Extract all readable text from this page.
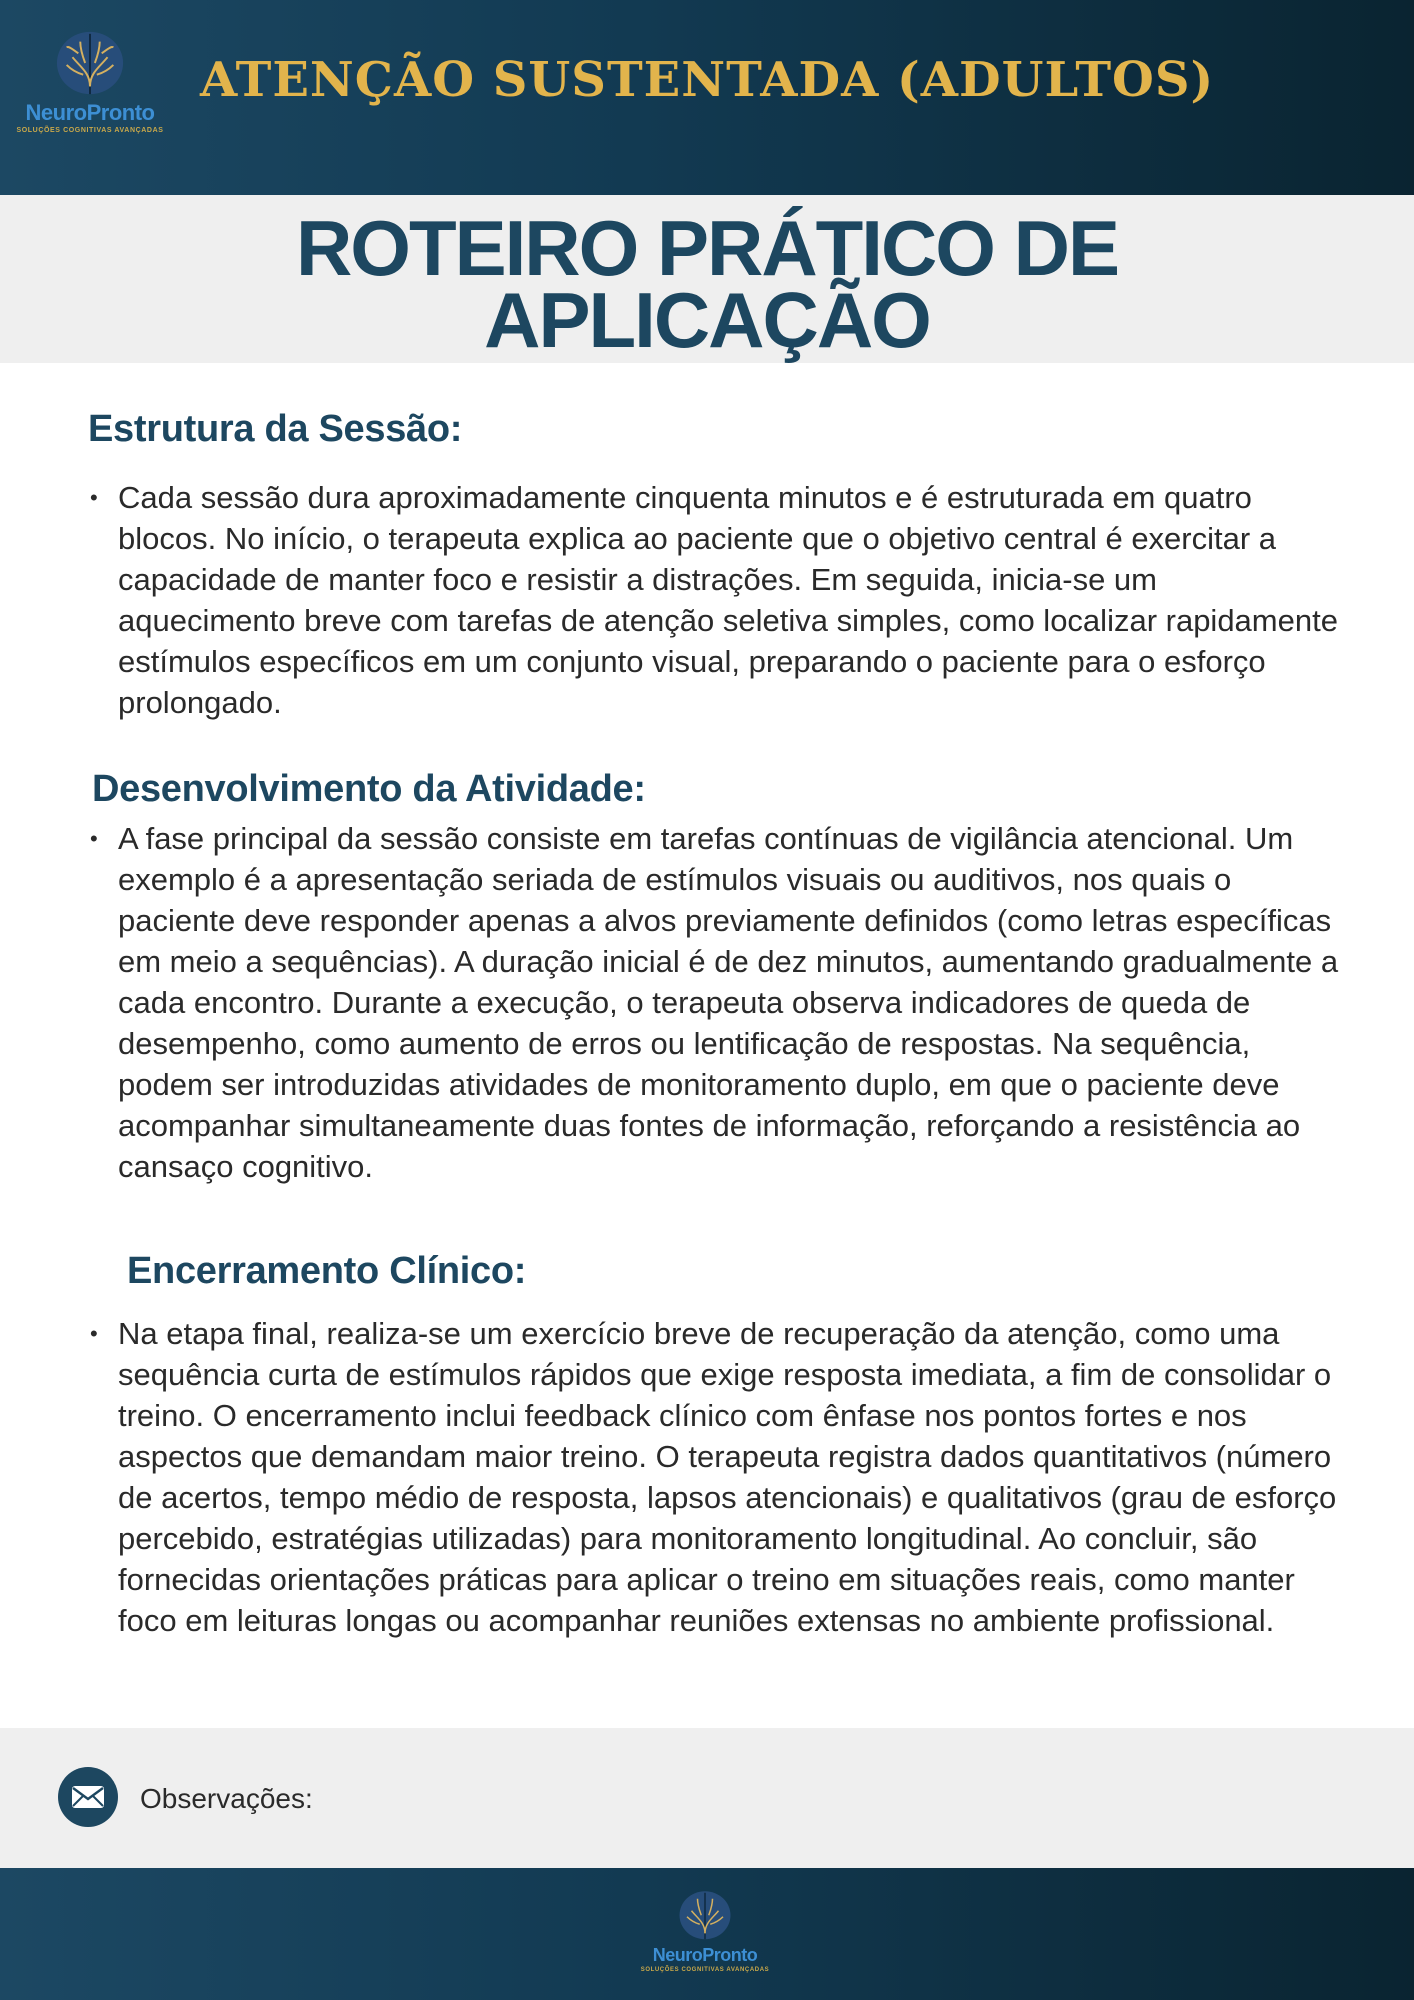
NeuroPronto
SOLUÇÕES COGNITIVAS AVANÇADAS
ATENÇÃO SUSTENTADA (ADULTOS)
ROTEIRO PRÁTICO DE
APLICAÇÃO
Estrutura da Sessão:
• Cada sessão dura aproximadamente cinquenta minutos e é estruturada em quatro blocos. No início, o terapeuta explica ao paciente que o objetivo central é exercitar a capacidade de manter foco e resistir a distrações. Em seguida, inicia-se um aquecimento breve com tarefas de atenção seletiva simples, como localizar rapidamente estímulos específicos em um conjunto visual, preparando o paciente para o esforço prolongado.
Desenvolvimento da Atividade:
• A fase principal da sessão consiste em tarefas contínuas de vigilância atencional. Um exemplo é a apresentação seriada de estímulos visuais ou auditivos, nos quais o paciente deve responder apenas a alvos previamente definidos (como letras específicas em meio a sequências). A duração inicial é de dez minutos, aumentando gradualmente a cada encontro. Durante a execução, o terapeuta observa indicadores de queda de desempenho, como aumento de erros ou lentificação de respostas. Na sequência, podem ser introduzidas atividades de monitoramento duplo, em que o paciente deve acompanhar simultaneamente duas fontes de informação, reforçando a resistência ao cansaço cognitivo.
Encerramento Clínico:
• Na etapa final, realiza-se um exercício breve de recuperação da atenção, como uma sequência curta de estímulos rápidos que exige resposta imediata, a fim de consolidar o treino. O encerramento inclui feedback clínico com ênfase nos pontos fortes e nos aspectos que demandam maior treino. O terapeuta registra dados quantitativos (número de acertos, tempo médio de resposta, lapsos atencionais) e qualitativos (grau de esforço percebido, estratégias utilizadas) para monitoramento longitudinal. Ao concluir, são fornecidas orientações práticas para aplicar o treino em situações reais, como manter foco em leituras longas ou acompanhar reuniões extensas no ambiente profissional.
Observações:
NeuroPronto
SOLUÇÕES COGNITIVAS AVANÇADAS
